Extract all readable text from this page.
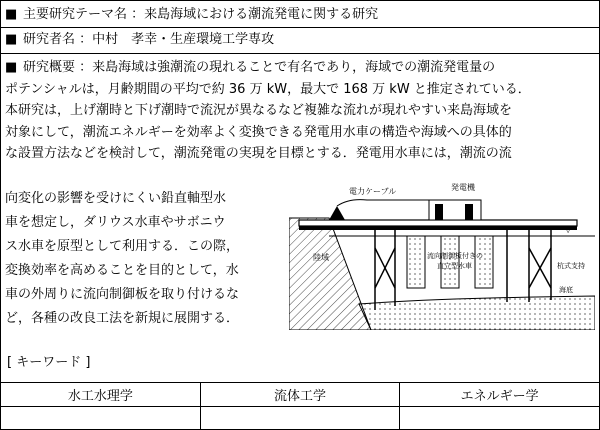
■ 主要研究テーマ名 ：来島海域における潮流発電に関する研究
■ 研究者名 ：中村　孝幸・生産環境工学専攻
■ 研究概要 ：来島海域は強潮流の現れることで有名であり，海域での潮流発電量の
ポテンシャルは，月齢期間の平均で約 36 万 kW，最大で 168 万 kW と推定されている．
本研究は，上げ潮時と下げ潮時で流況が異なるなど複雑な流れが現れやすい来島海域を
対象にして，潮流エネルギーを効率よく変換できる発電用水車の構造や海域への具体的
な設置方法などを検討して，潮流発電の実現を目標とする．発電用水車には，潮流の流
向変化の影響を受けにくい鉛直軸型水
車を想定し，ダリウス水車やサボニウ
ス水車を原型として利用する．この際，
変換効率を高めることを目的として，水
車の外周りに流向制御板を取り付けるな
ど，各種の改良工法を新規に展開する．
電力ケーブル	発電機
陸域	流向制御板付きの
直立型水車	杭式支持
海底
[ キーワード ]
水工水理学	流体工学	エネルギー学
